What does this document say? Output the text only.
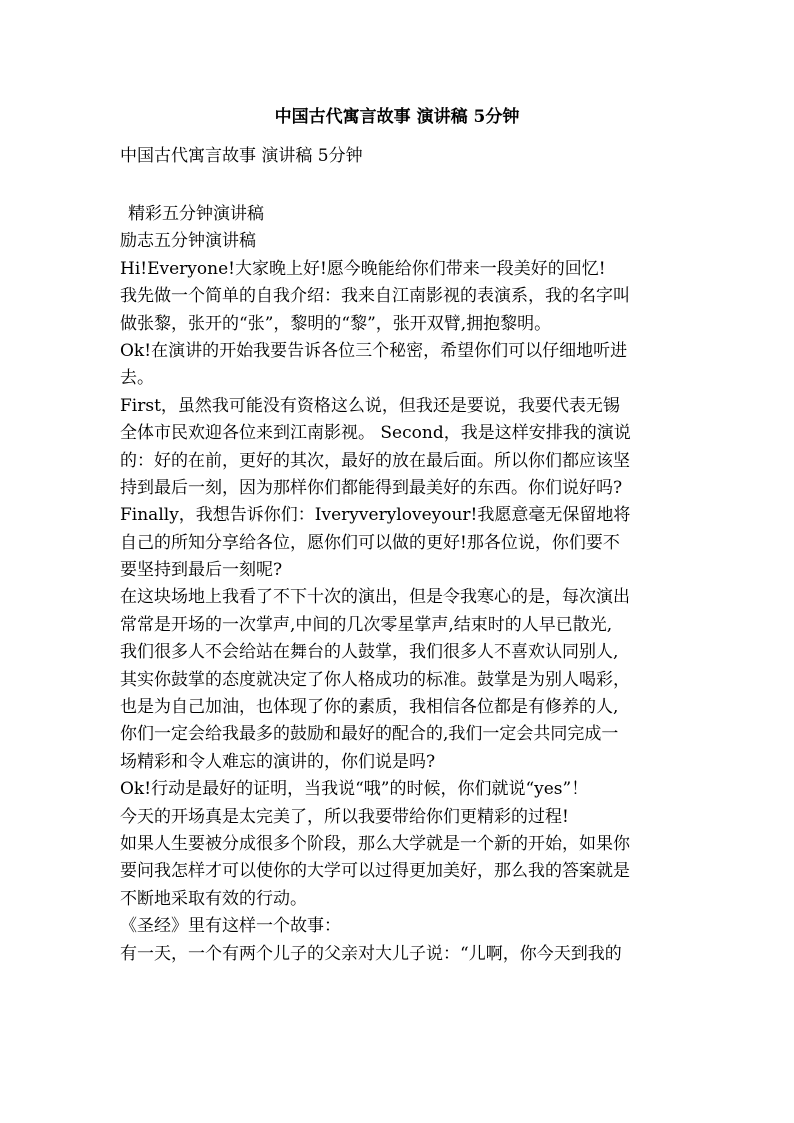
中国古代寓言故事 演讲稿 5分钟
中国古代寓言故事 演讲稿 5分钟
精彩五分钟演讲稿
励志五分钟演讲稿
Hi!Everyone!大家晚上好!愿今晚能给你们带来一段美好的回忆!
我先做一个简单的自我介绍：我来自江南影视的表演系，我的名字叫
做张黎，张开的“张”，黎明的“黎”，张开双臂,拥抱黎明。
Ok!在演讲的开始我要告诉各位三个秘密，希望你们可以仔细地听进
去。
First，虽然我可能没有资格这么说，但我还是要说，我要代表无锡
全体市民欢迎各位来到江南影视。 Second，我是这样安排我的演说
的：好的在前，更好的其次，最好的放在最后面。所以你们都应该坚
持到最后一刻，因为那样你们都能得到最美好的东西。你们说好吗?
Finally，我想告诉你们：Iveryveryloveyour!我愿意毫无保留地将
自己的所知分享给各位，愿你们可以做的更好!那各位说，你们要不
要坚持到最后一刻呢?
在这块场地上我看了不下十次的演出，但是令我寒心的是，每次演出
常常是开场的一次掌声,中间的几次零星掌声,结束时的人早已散光,
我们很多人不会给站在舞台的人鼓掌，我们很多人不喜欢认同别人,
其实你鼓掌的态度就决定了你人格成功的标准。鼓掌是为别人喝彩，
也是为自己加油，也体现了你的素质，我相信各位都是有修养的人,
你们一定会给我最多的鼓励和最好的配合的,我们一定会共同完成一
场精彩和令人难忘的演讲的，你们说是吗?
Ok!行动是最好的证明，当我说“哦”的时候，你们就说“yes”！
今天的开场真是太完美了，所以我要带给你们更精彩的过程!
如果人生要被分成很多个阶段，那么大学就是一个新的开始，如果你
要问我怎样才可以使你的大学可以过得更加美好，那么我的答案就是
不断地采取有效的行动。
《圣经》里有这样一个故事：
有一天，一个有两个儿子的父亲对大儿子说：“儿啊，你今天到我的
